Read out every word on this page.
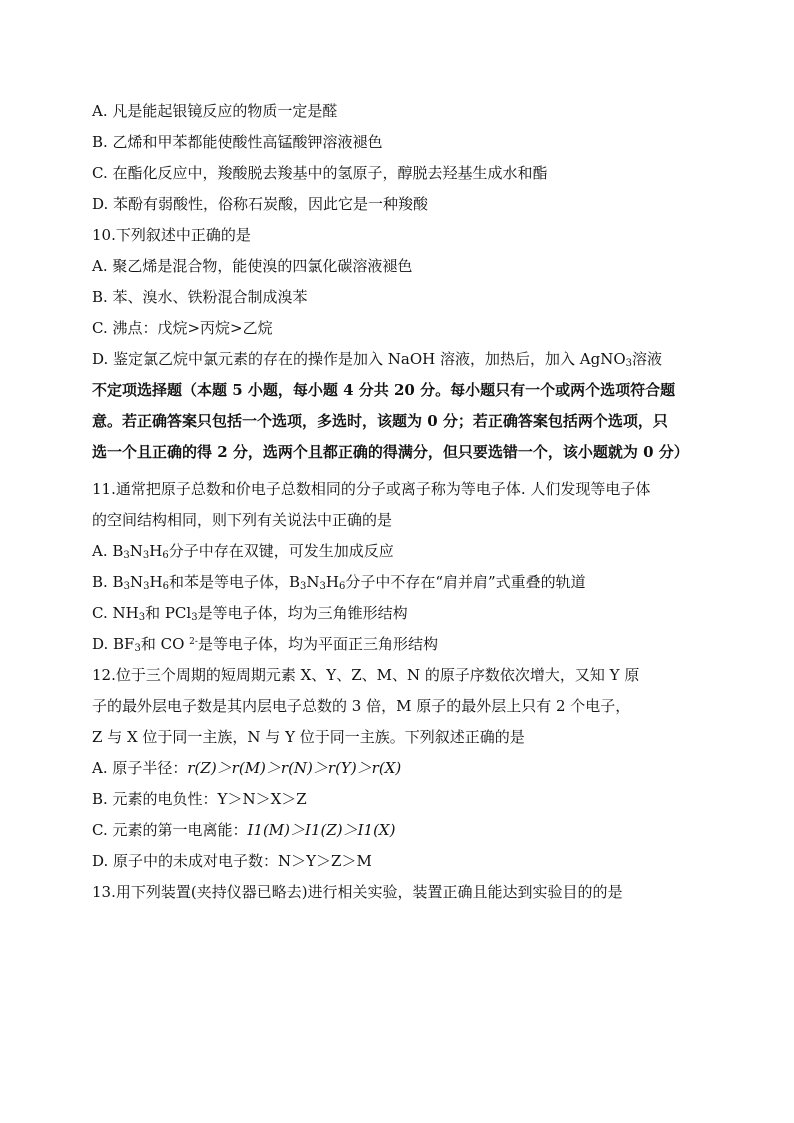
A. 凡是能起银镜反应的物质一定是醛
B. 乙烯和甲苯都能使酸性高锰酸钾溶液褪色
C. 在酯化反应中，羧酸脱去羧基中的氢原子，醇脱去羟基生成水和酯
D. 苯酚有弱酸性，俗称石炭酸，因此它是一种羧酸
10.下列叙述中正确的是
A. 聚乙烯是混合物，能使溴的四氯化碳溶液褪色
B. 苯、溴水、铁粉混合制成溴苯
C. 沸点：戊烷>丙烷>乙烷
D. 鉴定氯乙烷中氯元素的存在的操作是加入 NaOH 溶液，加热后，加入 AgNO$_3$溶液
不定项选择题（本题 5 小题，每小题 4 分共 20 分。每小题只有一个或两个选项符合题
意。若正确答案只包括一个选项，多选时，该题为 0 分；若正确答案包括两个选项，只
选一个且正确的得 2 分，选两个且都正确的得满分，但只要选错一个，该小题就为 0 分）
11.通常把原子总数和价电子总数相同的分子或离子称为等电子体. 人们发现等电子体
的空间结构相同，则下列有关说法中正确的是
A. $B_3N_3H_6$分子中存在双键，可发生加成反应
B. $B_3N_3H_6$和苯是等电子体，$B_3N_3H_6$分子中不存在“肩并肩”式重叠的轨道
C. $NH_3$和 PCl$_3$是等电子体，均为三角锥形结构
D. $BF_3$和 CO $^{2-}$是等电子体，均为平面正三角形结构
12.位于三个周期的短周期元素 X、Y、Z、M、N 的原子序数依次增大，又知 Y 原
子的最外层电子数是其内层电子总数的 3 倍，M 原子的最外层上只有 2 个电子，
Z 与 X 位于同一主族，N 与 Y 位于同一主族。下列叙述正确的是
A. 原子半径：r(Z)＞r(M)＞r(N)＞r(Y)＞r(X)
B. 元素的电负性：Y＞N＞X＞Z
C. 元素的第一电离能：I1(M)＞I1(Z)＞I1(X)
D. 原子中的未成对电子数：N＞Y＞Z＞M
13.用下列装置(夹持仪器已略去)进行相关实验，装置正确且能达到实验目的的是
